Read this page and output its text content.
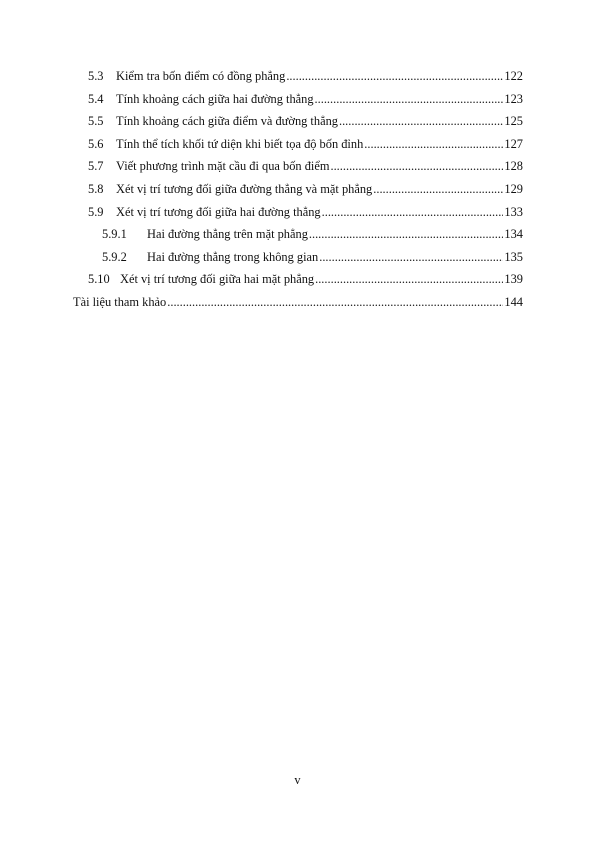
5.3	Kiểm tra bốn điểm có đồng phẳng .....	122
5.4	Tính khoảng cách giữa hai đường thẳng .....	123
5.5	Tính khoảng cách giữa điểm và đường thẳng .....	125
5.6	Tính thể tích khối tứ diện khi biết tọa độ bốn đỉnh .....	127
5.7	Viết phương trình mặt cầu đi qua bốn điểm .....	128
5.8	Xét vị trí tương đối giữa đường thẳng và mặt phẳng .....	129
5.9	Xét vị trí tương đối giữa hai đường thẳng .....	133
5.9.1	Hai đường thẳng trên mặt phẳng .....	134
5.9.2	Hai đường thẳng trong không gian .....	135
5.10 Xét vị trí tương đối giữa hai mặt phẳng .....	139
Tài liệu tham khảo .....	144
v
